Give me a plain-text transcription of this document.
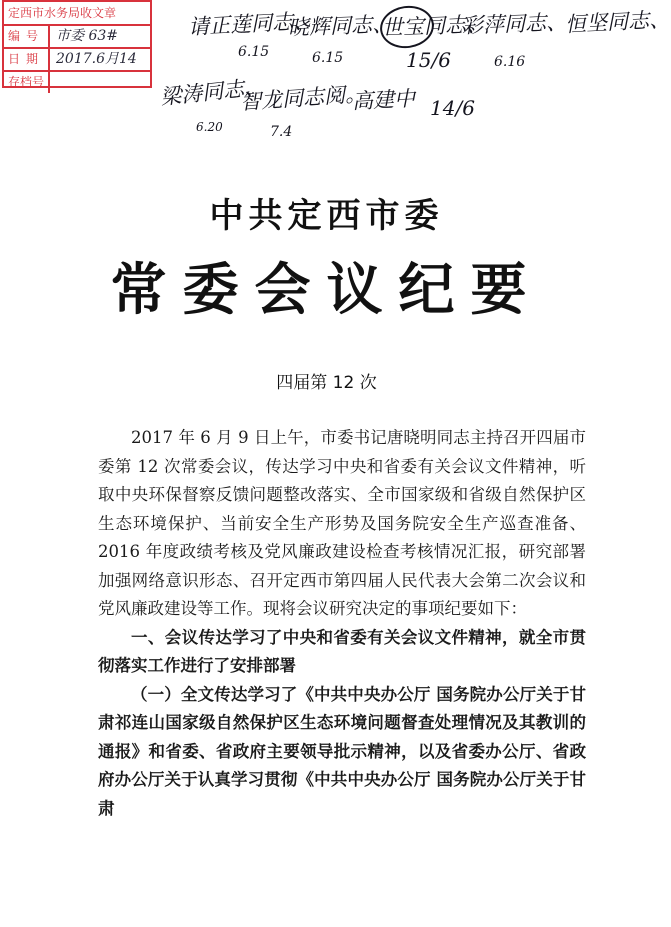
定西市水务局收文章
编号 市委 63#
日期 2017.6月14
存档号
请正莲同志、
晓辉同志、
世宝同志、
彩萍同志、
恒坚同志、
梁涛同志、
智龙同志阅。
高建中
6.15	6.15	15/6	6.16
14/6
6.20	7.4
中共定西市委
常委会议纪要
四届第 12 次

2017 年 6 月 9 日上午，市委书记唐晓明同志主持召开四届市委第 12 次常委会议，传达学习中央和省委有关会议文件精神，听取中央环保督察反馈问题整改落实、全市国家级和省级自然保护区生态环境保护、当前安全生产形势及国务院安全生产巡查准备、2016 年度政绩考核及党风廉政建设检查考核情况汇报，研究部署加强网络意识形态、召开定西市第四届人民代表大会第二次会议和党风廉政建设等工作。现将会议研究决定的事项纪要如下：

一、会议传达学习了中央和省委有关会议文件精神，就全市贯彻落实工作进行了安排部署

（一）全文传达学习了《中共中央办公厅 国务院办公厅关于甘肃祁连山国家级自然保护区生态环境问题督查处理情况及其教训的通报》和省委、省政府主要领导批示精神，以及省委办公厅、省政府办公厅关于认真学习贯彻《中共中央办公厅 国务院办公厅关于甘肃
